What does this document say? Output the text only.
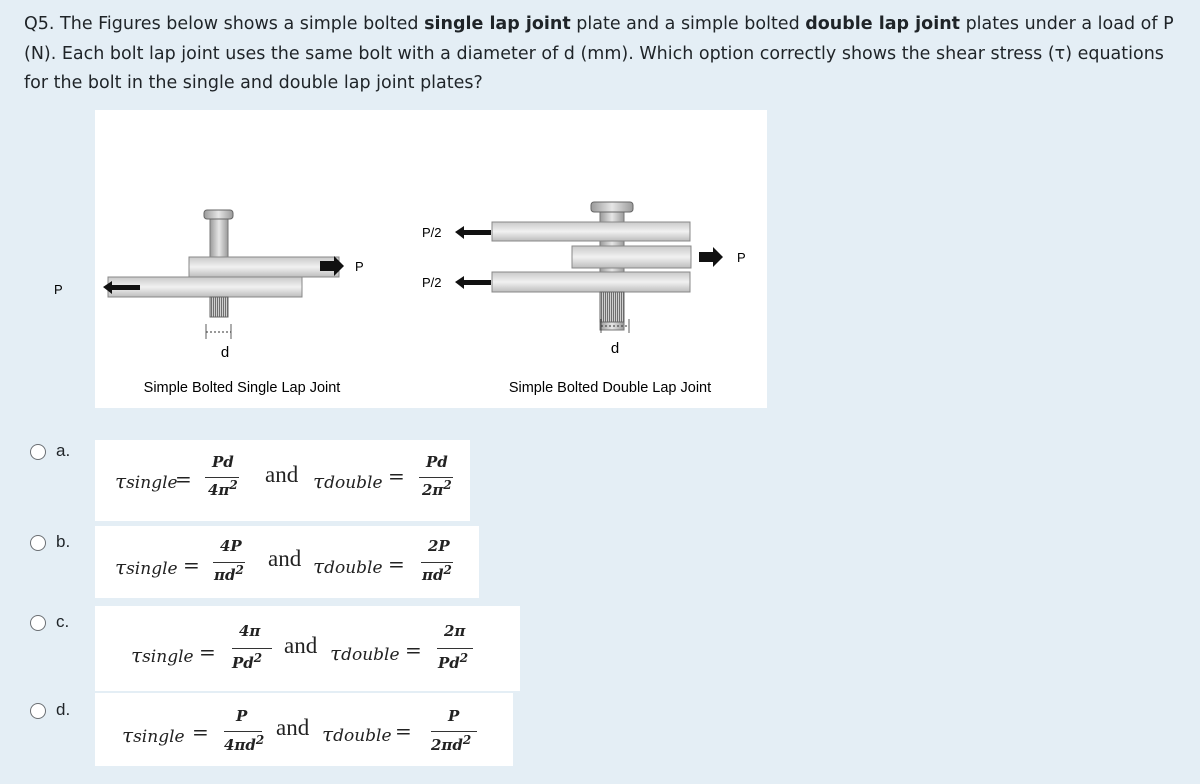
Q5. The Figures below shows a simple bolted single lap joint plate and a simple bolted double lap joint plates under a load of P (N). Each bolt lap joint uses the same bolt with a diameter of d (mm). Which option correctly shows the shear stress (τ) equations for the bolt in the single and double lap joint plates?
d
P
P
Simple Bolted Single Lap Joint
d
P/2
P/2
P
Simple Bolted Double Lap Joint
a.
τsingle
=
Pd
$4\pi^2$ and τdouble =
Pd
$2\pi^2$
b.
τsingle =
4P
$\pi d^2$ and τdouble =
2P
$\pi d^2$
c.
τsingle =
4π
Pd$^2$ and τdouble =
2π
Pd$^2$
d.
τsingle =
P
$4\pi d^2$ and τdouble =
P
$2\pi d^2$
